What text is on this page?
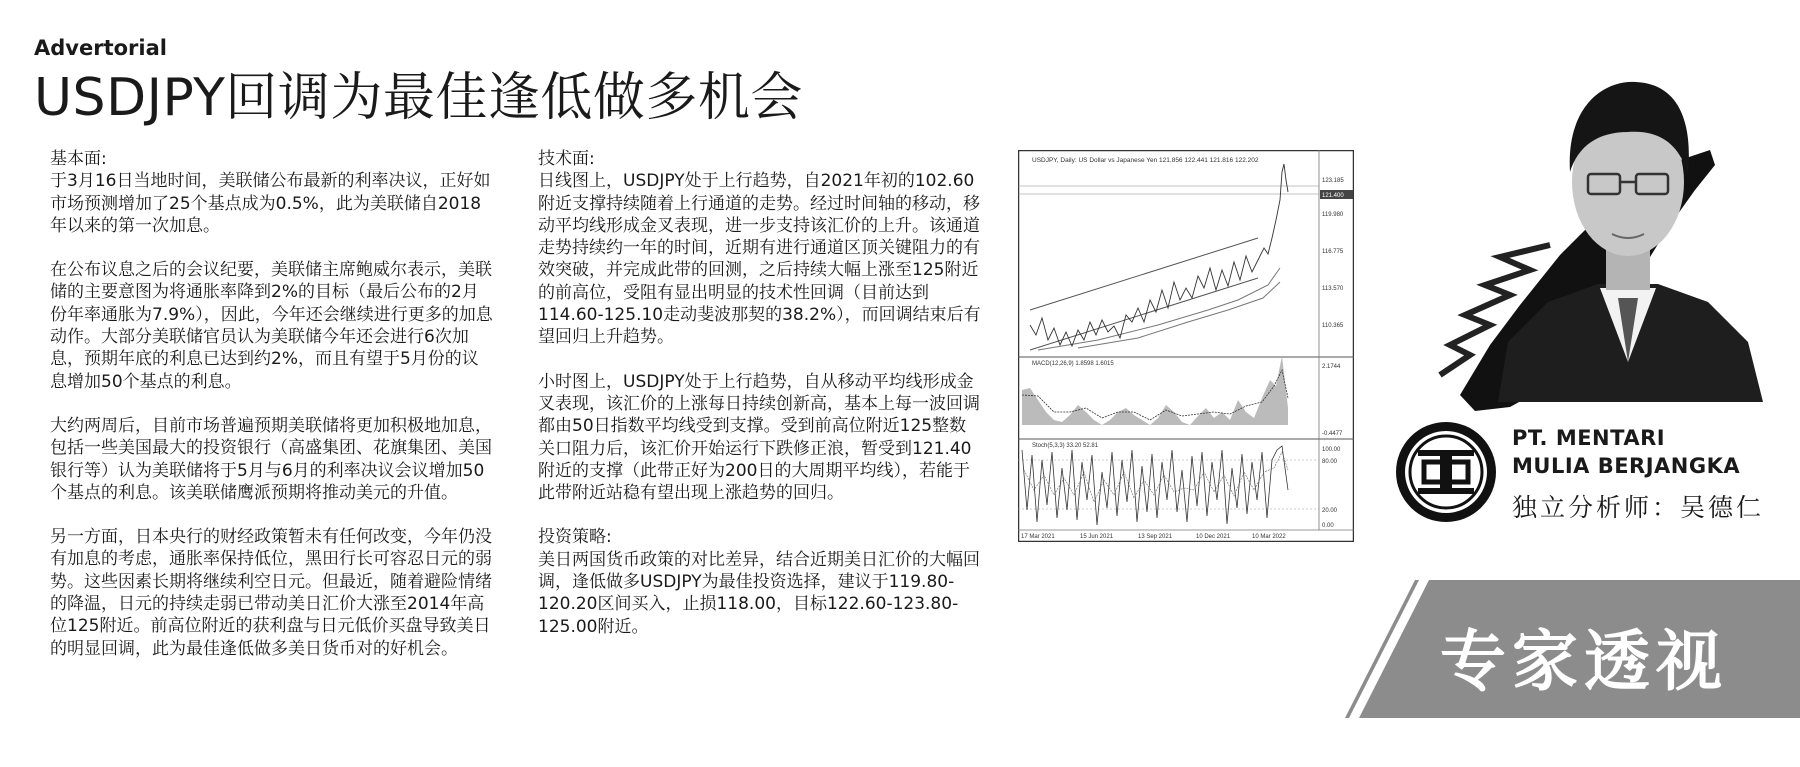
Advertorial
USDJPY回调为最佳逢低做多机会
基本面:

于3月16日当地时间，美联储公布最新的利率决议，正好如市场预测增加了25个基点成为0.5%，此为美联储自2018年以来的第一次加息。

在公布议息之后的会议纪要，美联储主席鲍威尔表示，美联储的主要意图为将通胀率降到2%的目标（最后公布的2月份年率通胀为7.9%），因此，今年还会继续进行更多的加息动作。大部分美联储官员认为美联储今年还会进行6次加息，预期年底的利息已达到约2%，而且有望于5月份的议息增加50个基点的利息。

大约两周后，目前市场普遍预期美联储将更加积极地加息，包括一些美国最大的投资银行（高盛集团、花旗集团、美国银行等）认为美联储将于5月与6月的利率决议会议增加50个基点的利息。该美联储鹰派预期将推动美元的升值。

另一方面，日本央行的财经政策暂未有任何改变，今年仍没有加息的考虑，通胀率保持低位，黑田行长可容忍日元的弱势。这些因素长期将继续利空日元。但最近，随着避险情绪的降温，日元的持续走弱已带动美日汇价大涨至2014年高位125附近。前高位附近的获利盘与日元低价买盘导致美日的明显回调，此为最佳逢低做多美日货币对的好机会。

技术面:

日线图上，USDJPY处于上行趋势，自2021年初的102.60附近支撑持续随着上行通道的走势。经过时间轴的移动，移动平均线形成金叉表现，进一步支持该汇价的上升。该通道走势持续约一年的时间，近期有进行通道区顶关键阻力的有效突破，并完成此带的回测，之后持续大幅上涨至125附近的前高位，受阻有显出明显的技术性回调（目前达到114.60-125.10走动斐波那契的38.2%），而回调结束后有望回归上升趋势。

小时图上，USDJPY处于上行趋势，自从移动平均线形成金叉表现，该汇价的上涨每日持续创新高，基本上每一波回调都由50日指数平均线受到支撑。受到前高位附近125整数关口阻力后，该汇价开始运行下跌修正浪，暂受到121.40附近的支撑（此带正好为200日的大周期平均线），若能于此带附近站稳有望出现上涨趋势的回归。

投资策略:

美日两国货币政策的对比差异，结合近期美日汇价的大幅回调，逢低做多USDJPY为最佳投资选择，建议于119.80-120.20区间买入，止损118.00，目标122.60-123.80-125.00附近。

USDJPY, Daily: US Dollar vs Japanese Yen 121.856 122.441 121.816 122.202
123.185
121.400
119.980
116.775
113.570
110.365
MACD(12,26,9) 1.8598 1.6015	2.1744
-0.4477
Stoch(5,3,3) 33.20 52.81
100.00
80.00
20.00
0.00
17 Mar 2021	15 Jun 2021	13 Sep 2021	10 Dec 2021	10 Mar 2022
PT. MENTARI
MULIA BERJANGKA
独立分析师：吴德仁
专家透视
